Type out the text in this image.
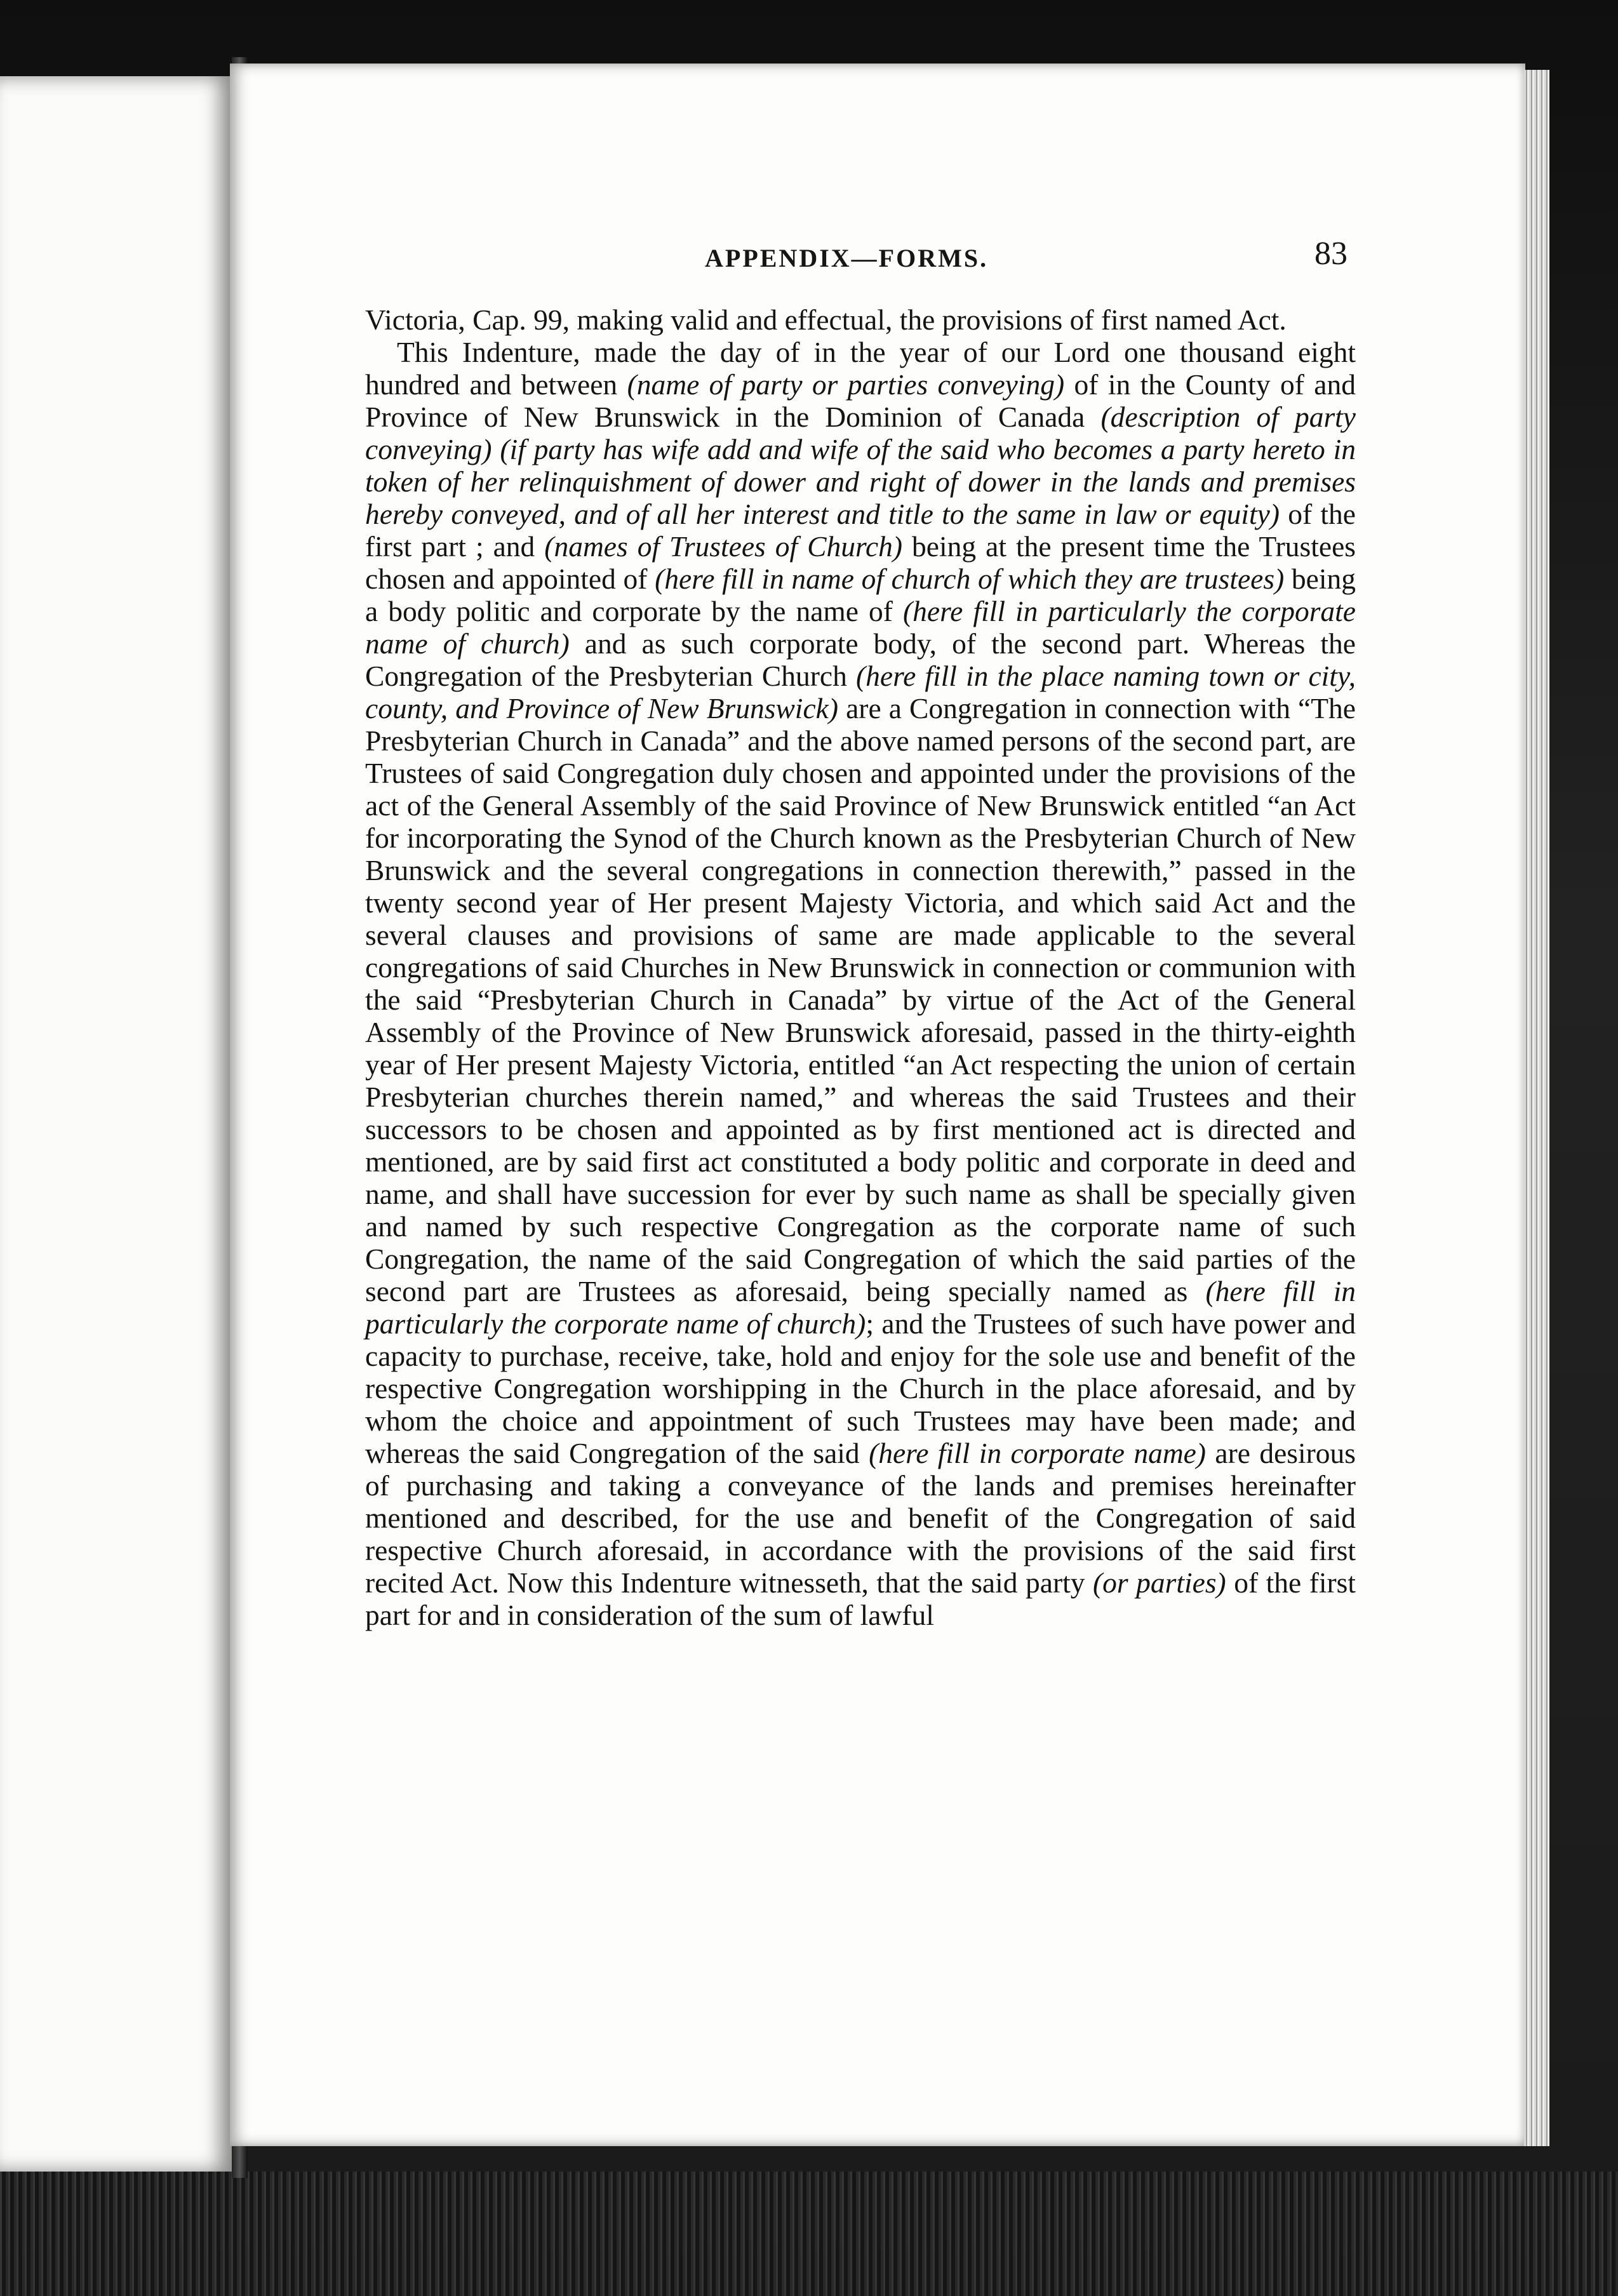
APPENDIX—FORMS.	83

Victoria, Cap. 99, making valid and effectual, the provisions of first named Act.

This Indenture, made the day of in the year of our Lord one thousand eight hundred and between (name of party or parties conveying) of in the County of and Province of New Brunswick in the Dominion of Canada (description of party conveying) (if party has wife add and wife of the said who becomes a party hereto in token of her relinquishment of dower and right of dower in the lands and premises hereby conveyed, and of all her interest and title to the same in law or equity) of the first part ; and (names of Trustees of Church) being at the present time the Trustees chosen and appointed of (here fill in name of church of which they are trustees) being a body politic and corporate by the name of (here fill in particularly the corporate name of church) and as such corporate body, of the second part. Whereas the Congregation of the Presbyterian Church (here fill in the place naming town or city, county, and Province of New Brunswick) are a Congregation in connection with “The Presbyterian Church in Canada” and the above named persons of the second part, are Trustees of said Congregation duly chosen and appointed under the provisions of the act of the General Assembly of the said Province of New Brunswick entitled “an Act for incorporating the Synod of the Church known as the Presbyterian Church of New Brunswick and the several congregations in connection therewith,” passed in the twenty second year of Her present Majesty Victoria, and which said Act and the several clauses and provisions of same are made applicable to the several congregations of said Churches in New Brunswick in connection or communion with the said “Presbyterian Church in Canada” by virtue of the Act of the General Assembly of the Province of New Brunswick aforesaid, passed in the thirty-eighth year of Her present Majesty Victoria, entitled “an Act respecting the union of certain Presbyterian churches therein named,” and whereas the said Trustees and their successors to be chosen and appointed as by first mentioned act is directed and mentioned, are by said first act constituted a body politic and corporate in deed and name, and shall have succession for ever by such name as shall be specially given and named by such respective Congregation as the corporate name of such Congregation, the name of the said Congregation of which the said parties of the second part are Trustees as aforesaid, being specially named as (here fill in particularly the corporate name of church); and the Trustees of such have power and capacity to purchase, receive, take, hold and enjoy for the sole use and benefit of the respective Congregation worshipping in the Church in the place aforesaid, and by whom the choice and appointment of such Trustees may have been made; and whereas the said Congregation of the said (here fill in corporate name) are desirous of purchasing and taking a conveyance of the lands and premises hereinafter mentioned and described, for the use and benefit of the Congregation of said respective Church aforesaid, in accordance with the provisions of the said first recited Act. Now this Indenture witnesseth, that the said party (or parties) of the first part for and in consideration of the sum of lawful
